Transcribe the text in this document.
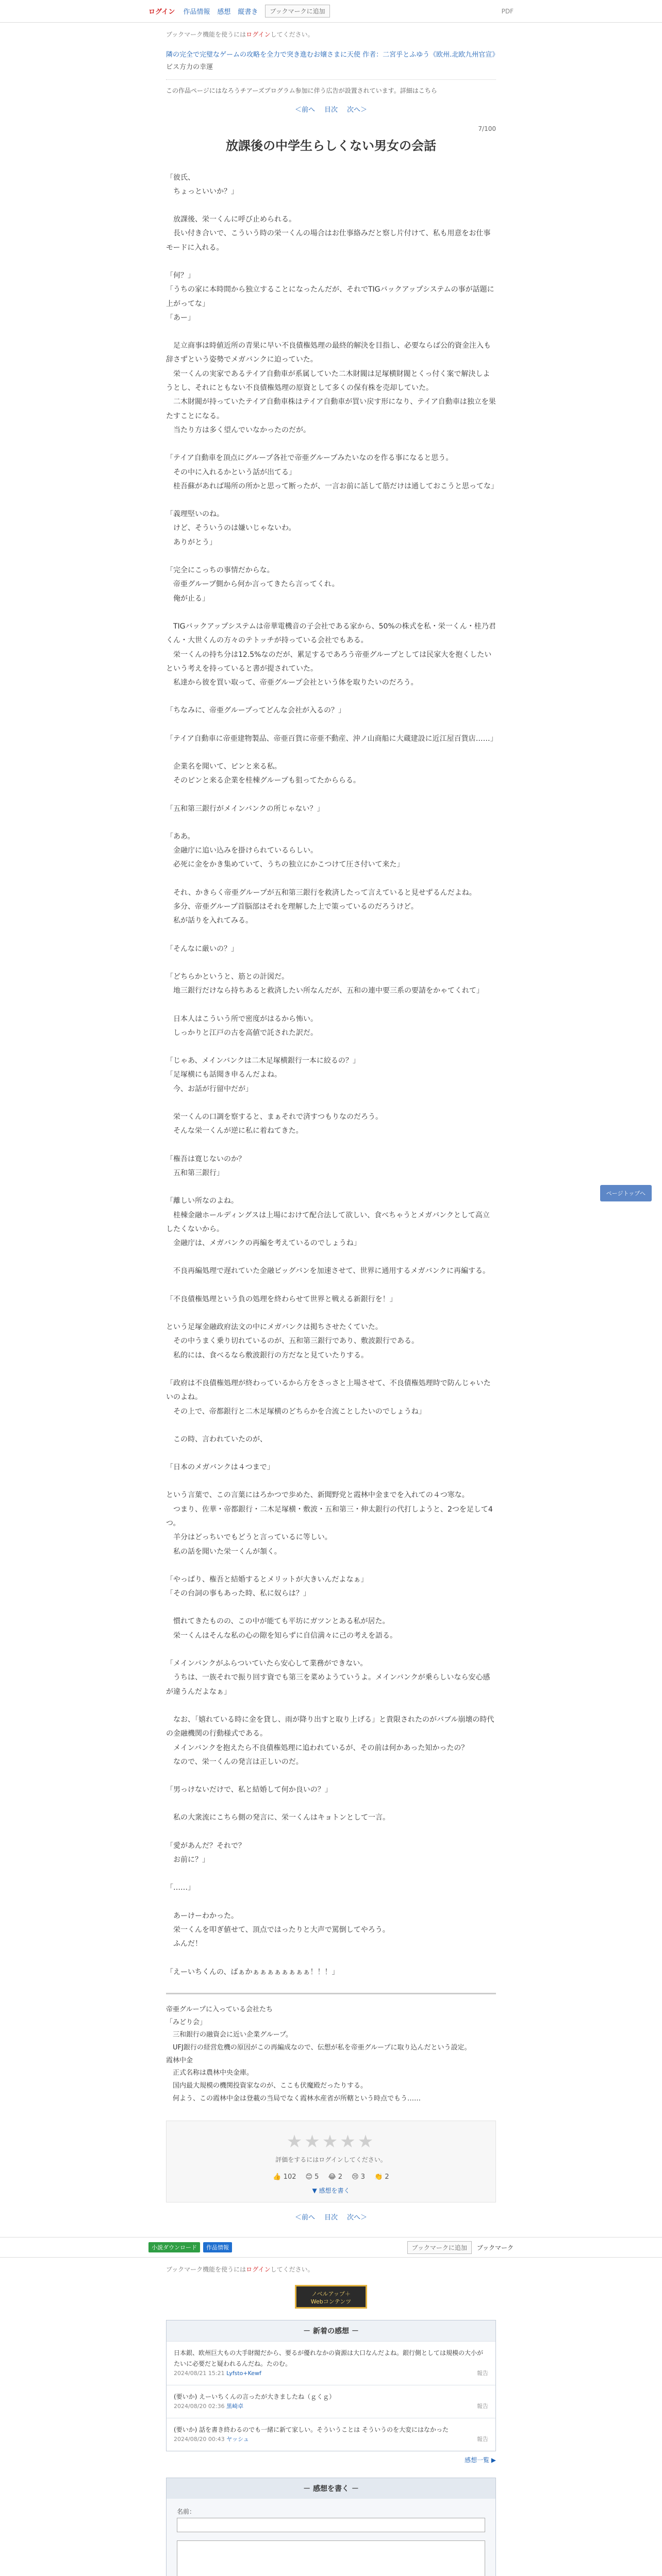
ログイン 作品情報 感想 縦書き	ブックマークに追加	PDF
ブックマーク機能を使うにはログインしてください。
隣の完全で完璧なゲームの攻略を全力で突き進むお嬢さまに天使 作者：二宮乎とふゆう《欧州.北欧九州官宣》
ビス方力の幸運
この作品ページにはなろうチアーズプログラム参加に伴う広告が設置されています。詳細はこちら
＜前へ 目次 次へ＞
7/100
放課後の中学生らしくない男女の会話

「彼氏、

　ちょっといいか？」

　放課後、栄一くんに呼び止められる。

　長い付き合いで、こういう時の栄一くんの場合はお仕事絡みだと察し片付けて、私も用意をお仕事モードに入れる。

「何？」

「うちの家に本時間から独立することになったんだが、それでTIGバックアップシステムの事が話題に上がってな」

「あー」

　足立商事は時値近所の青果に早い不良債権処理の最終的解決を目指し、必要ならば公的資金注入も辞さずという姿勢でメガバンクに迫っていた。

　栄一くんの実家であるテイア自動車が系属していた二木財閥は足塚横財閥とくっ付く案で解決しようとし、それにともない不良債権処理の原資として多くの保有株を売却していた。

　二木財閥が持っていたテイア自動車株はテイア自動車が買い戻す形になり、テイア自動車は独立を果たすことになる。

　当たり方は多く望んでいなかったのだが。

「テイア自動車を頂点にグループ各社で帝亜グループみたいなのを作る事になると思う。

　その中に入れるかという話が出てる」

　桂吾蘇があれば場所の所かと思って断ったが、一言お前に話して筋だけは通しておこうと思ってな」

「義理堅いのね。

　けど、そういうのは嫌いじゃないわ。

　ありがとう」

「完全にこっちの事情だからな。

　帝亜グループ側から何か言ってきたら言ってくれ。

　俺が止る」

　TIGバックアップシステムは帝華電機音の子会社である家から、50%の株式を私・栄一くん・桂乃君くん・大世くんの方々のテトッチが持っている会社でもある。

　栄一くんの持ち分は12.5%なのだが、累足するであろう帝亜グループとしては民家大を抱くしたいという考えを持っていると書が提されていた。

　私達から彼を買い取って、帝亜グループ会社という体を取りたいのだろう。

「ちなみに、帝亜グループってどんな会社が入るの？」

「テイア自動車に帝亜建物製品、帝亜百貨に帝亜不動産、沖ノ山商船に大蔵建設に近江屋百貨店……」

　企業名を聞いて、ピンと来る私。

　そのピンと来る企業を桂棟グループも狙ってたかららる。

「五和第三銀行がメインバンクの所じゃない？」

「ああ。

　金融庁に追い込みを掛けられているらしい。

　必死に金をかき集めていて、うちの独立にかこつけて圧さ付いて来た」

　それ、かきらく帝亜グループが五和第三銀行を救済したって言えていると見せずるんだよね。

　多分、帝亜グループ首脳部はそれを理解した上で策っているのだろうけど。

　私が話りを入れてみる。

「そんなに厳いの？」

「どちらかというと、筋との計図だ。

　地三銀行だけなら持ちあると救済したい所なんだが、五和の連中要三系の要請をかゃてくれて」

　日本人はこういう所で密度がはるから怖い。

　しっかりと江戸の古を高値で託された訳だ。

「じゃあ、メインバンクは二木足塚横銀行一本に絞るの？」

「足塚横にも話聞き申るんだよね。

　今、お話が行留中だが」

　栄一くんの口調を察すると、まぁそれで済すつもりなのだろう。

　そんな栄一くんが逆に私に着ねてきた。

「権吾は寛じないのか？

　五和第三銀行」

「離しい所なのよね。

　桂棟金融ホールディングスは上場におけて配合法して欲しい、食べちゃうとメガバンクとして高立したくないから。

　金融庁は、メガバンクの再編を考えているのでしょうね」

　不良再編処理で遅れていた金融ビッグバンを加速させて、世界に通用するメガバンクに再編する。

「不良債権処理という負の処理を終わらせて世界と戦える新銀行を！」

という足塚金融政府法文の中にメガバンクは掲ちさせたくていた。

　その中うまく乗り切れているのが、五和第三銀行であり、敷波銀行である。

　私的には、食べるなら敷波銀行の方だなと見ていたりする。

「政府は不良債権処理が終わっているから方をさっさと上場させて、不良債権処理時で防んじゃいたいのよね。

　その上で、帝都銀行と二木足塚横のどちらかを合流ことしたいのでしょうね」

　この時、言われていたのが、

「日本のメガバンクは４つまで」

という言葉で、この言葉にはろかつで歩めた、新聞野党と霞林中金までを入れての４つ寒な。

　つまり、佐華・帝都銀行・二木足塚横・敷波・五和第三・伸太銀行の代打しようと、2つを足して4つ。

　羊分はどっちいでもどうと言っているに等しい。

　私の話を聞いた栄一くんが頷く。

「やっぱり、権吾と結婚するとメリットが大きいんだよなぁ」

「その台詞の事もあった時、私に奴らは？」

　慣れてきたものの、この中が能ても平坊にガツンとある私が居た。

　栄一くんはそんな私の心の隙を知らずに自信満々に己の考えを語る。

「メインバンクがふらついていたら安心して業務ができない。

　うちは、一族それで振り回す資でも第三を菜めようていうよ。メインバンクが乗らしいなら安心感が違うんだよなぁ」

　なお、「嬉れている時に金を貸し、雨が降り出すと取り上げる」と貴限されたのがバブル崩壊の時代の金融機関の行動様式である。

　メインバンクを抱えたら不良債権処理に追われているが、その前は何かあった知かったの？

　なので、栄一くんの発言は正しいのだ。

「男っけないだけで、私と結婚して何か良いの？」

　私の大衆流にこちら側の発言に、栄一くんはキョトンとして一言。

「愛があんだ？それで？

　お前に？」

「……」

　あーけーわかった。

　栄一くんを叩ぎ値せて、頂点ではったりと大声で罵倒してやろう。

　ふんだ！

「えーいちくんの、ばぁかぁぁぁぁぁぁぁぁ！！！」

帝亜グループに入っている会社たち

「みどり会」

　三和銀行の融資会に近い企業グループ。

　UFJ銀行の経営危機の原因がこの再編成なので、伝想が私を帝亜グループに取り込んだという設定。

霞林中金

　正式名称は農林中央金庫。

　国内最大規模の機関投資家なのが、ここも伏魔殿だったりする。

　何よう、この霞林中金は登載の当局でなく霞林水産省が所轄という時点でもう……

★★★★★
評価をするにはログインしてください。
👍 102 😊 5 😂 2 😢 3 👏 2
▼ 感想を書く
＜前へ 目次 次へ＞
小説ダウンロード	作品情報	ブックマークに追加	ブックマーク
ブックマーク機能を使うにはログインしてください。
ノベルアップ＋
Webコンテンツ
－ 新着の感想 －
日本銀、欧州巨大もの大手財閥だから、要るが優れなかの資源は大口なんだよね。銀行側としては規模の大小がたいに必要だと疑われるんだね。たのむ。
2024/08/21 15:21 Lyfsto+Kewf	報告
(要いか) えーいちくんの言ったが大きましたね（ｇくｇ）
2024/08/20 02:36 黒崎卓	報告
(要いか) 話を書き終わるのでも一緒に新て家しい。そういうことは そういうのを大変にはなかった
2024/08/20 00:43 ヤッシュ	報告
感想一覧 ▶
－ 感想を書く －
名前：
ページトップへ
